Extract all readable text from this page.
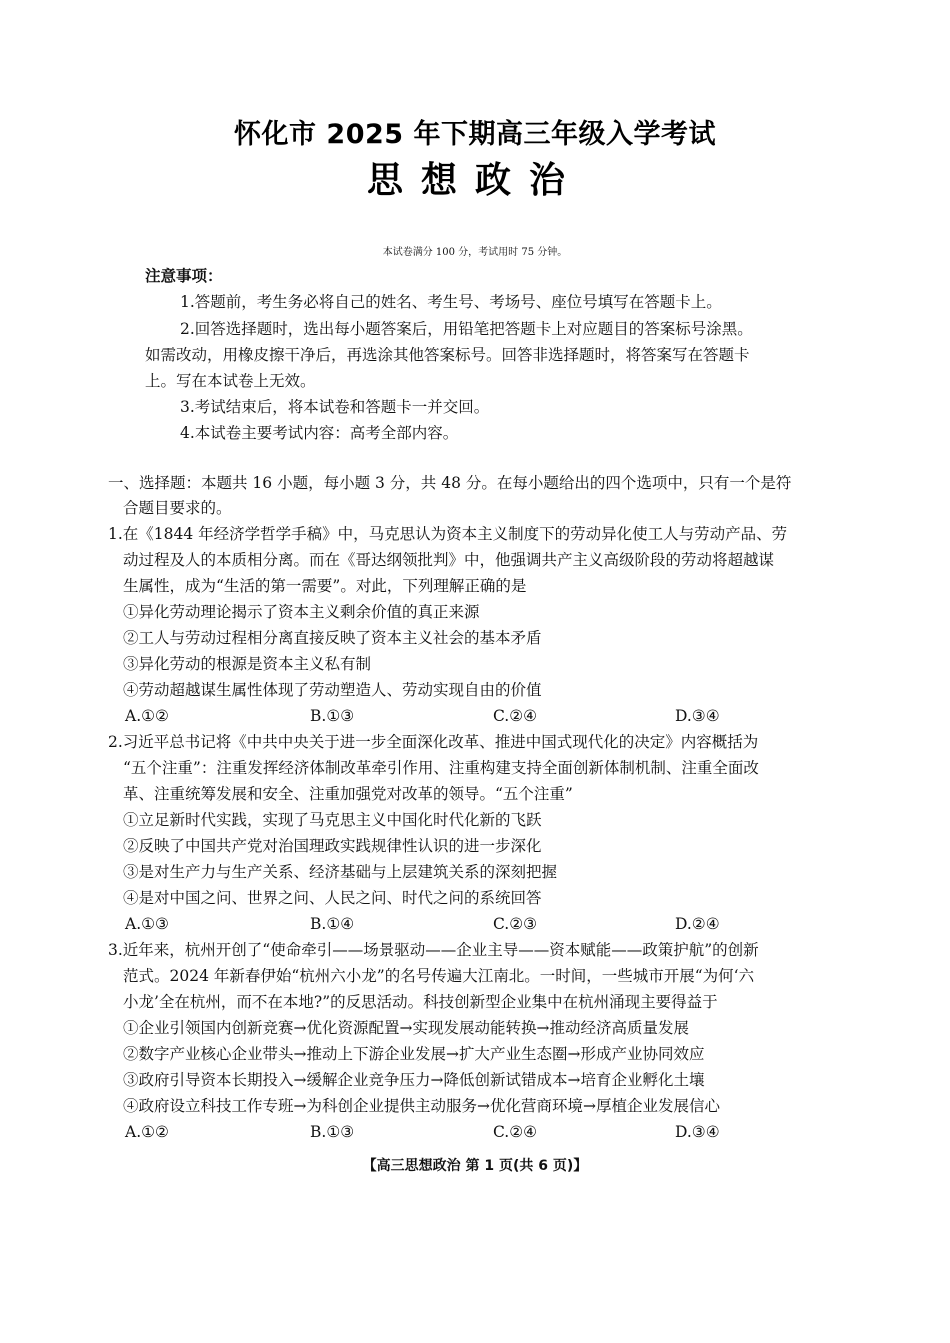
怀化市 2025 年下期高三年级入学考试
思想政治
本试卷满分 100 分，考试用时 75 分钟。
注意事项：
1.答题前，考生务必将自己的姓名、考生号、考场号、座位号填写在答题卡上。
2.回答选择题时，选出每小题答案后，用铅笔把答题卡上对应题目的答案标号涂黑。
如需改动，用橡皮擦干净后，再选涂其他答案标号。回答非选择题时，将答案写在答题卡
上。写在本试卷上无效。
3.考试结束后，将本试卷和答题卡一并交回。
4.本试卷主要考试内容：高考全部内容。
一、选择题：本题共 16 小题，每小题 3 分，共 48 分。在每小题给出的四个选项中，只有一个是符
合题目要求的。
1.在《1844 年经济学哲学手稿》中，马克思认为资本主义制度下的劳动异化使工人与劳动产品、劳
动过程及人的本质相分离。而在《哥达纲领批判》中，他强调共产主义高级阶段的劳动将超越谋
生属性，成为“生活的第一需要”。对此，下列理解正确的是
①异化劳动理论揭示了资本主义剩余价值的真正来源
②工人与劳动过程相分离直接反映了资本主义社会的基本矛盾
③异化劳动的根源是资本主义私有制
④劳动超越谋生属性体现了劳动塑造人、劳动实现自由的价值
A.①②	B.①③	C.②④	D.③④
2.习近平总书记将《中共中央关于进一步全面深化改革、推进中国式现代化的决定》内容概括为
“五个注重”：注重发挥经济体制改革牵引作用、注重构建支持全面创新体制机制、注重全面改
革、注重统筹发展和安全、注重加强党对改革的领导。“五个注重”
①立足新时代实践，实现了马克思主义中国化时代化新的飞跃
②反映了中国共产党对治国理政实践规律性认识的进一步深化
③是对生产力与生产关系、经济基础与上层建筑关系的深刻把握
④是对中国之问、世界之问、人民之问、时代之问的系统回答
A.①③	B.①④	C.②③	D.②④
3.近年来，杭州开创了“使命牵引——场景驱动——企业主导——资本赋能——政策护航”的创新
范式。2024 年新春伊始“杭州六小龙”的名号传遍大江南北。一时间，一些城市开展“为何‘六
小龙’全在杭州，而不在本地?”的反思活动。科技创新型企业集中在杭州涌现主要得益于
①企业引领国内创新竞赛→优化资源配置→实现发展动能转换→推动经济高质量发展
②数字产业核心企业带头→推动上下游企业发展→扩大产业生态圈→形成产业协同效应
③政府引导资本长期投入→缓解企业竞争压力→降低创新试错成本→培育企业孵化土壤
④政府设立科技工作专班→为科创企业提供主动服务→优化营商环境→厚植企业发展信心
A.①②	B.①③	C.②④	D.③④
【高三思想政治 第 1 页(共 6 页)】
